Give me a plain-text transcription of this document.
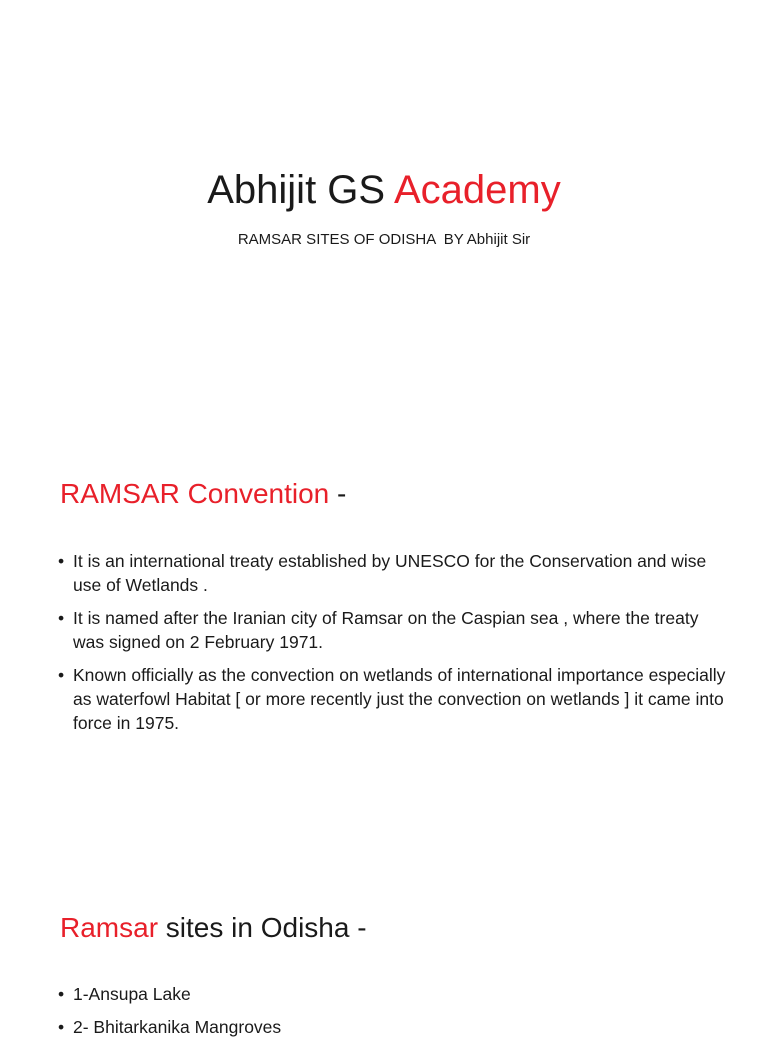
Abhijit GS Academy
RAMSAR SITES OF ODISHA  BY Abhijit Sir
RAMSAR Convention -
• It is an international treaty established by UNESCO for the Conservation and wise use of Wetlands .
• It is named after the Iranian city of Ramsar on the Caspian sea , where the treaty was signed on 2 February 1971.
• Known officially as the convection on wetlands of international importance especially as waterfowl Habitat [ or more recently just the convection on wetlands ] it came into force in 1975.
Ramsar sites in Odisha -
• 1-Ansupa Lake
• 2- Bhitarkanika Mangroves
